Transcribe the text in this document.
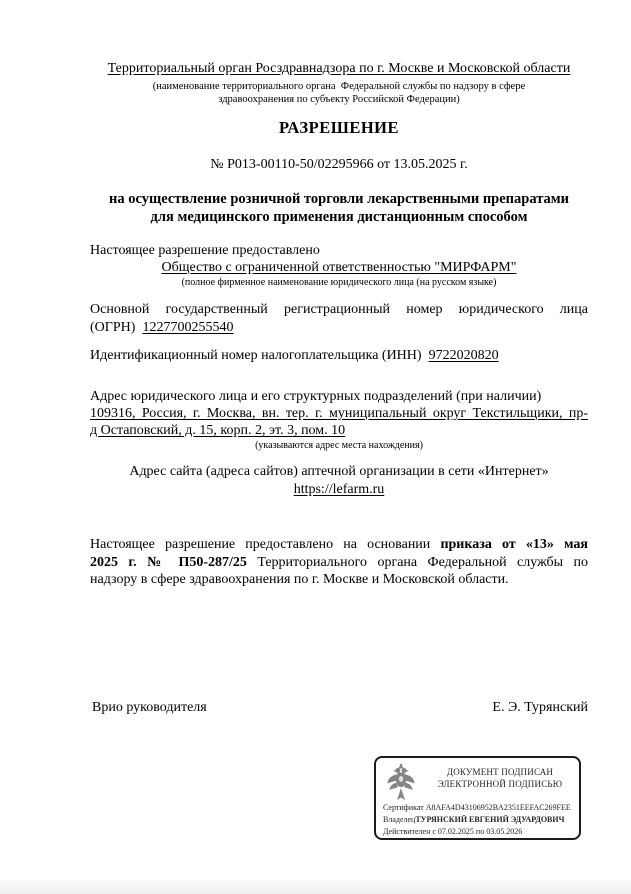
Территориальный орган Росздравнадзора по г. Москве и Московской области
(наименование территориального органа  Федеральной службы по надзору в сфере
здравоохранения по субъекту Российской Федерации)
РАЗРЕШЕНИЕ
№ Р013-00110-50/02295966 от 13.05.2025 г.
на осуществление розничной торговли лекарственными препаратами
для медицинского применения дистанционным способом
Настоящее разрешение предоставлено
Общество с ограниченной ответственностью "МИРФАРМ"
(полное фирменное наименование юридического лица (на русском языке)
Основной государственный регистрационный номер юридического лица
(ОГРН) 1227700255540
Идентификационный номер налогоплательщика (ИНН) 9722020820
Адрес юридического лица и его структурных подразделений (при наличии)
109316, Россия, г. Москва, вн. тер. г. муниципальный округ Текстильщики, пр-
д Остаповский, д. 15, корп. 2, эт. 3, пом. 10
(указываются адрес места нахождения)
Адрес сайта (адреса сайтов) аптечной организации в сети «Интернет»
https://lefarm.ru
Настоящее разрешение предоставлено на основании приказа от «13» мая
2025 г. № П50-287/25 Территориального органа Федеральной службы по
надзору в сфере здравоохранения по г. Москве и Московской области.
Врио руководителя	Е. Э. Турянский
ДОКУМЕНТ ПОДПИСАН
ЭЛЕКТРОННОЙ ПОДПИСЬЮ
Сертификат A8AFA4D43106952BA2351EEFAC269FEE
ВладелецТУРЯНСКИЙ ЕВГЕНИЙ ЭДУАРДОВИЧ
Действителен с 07.02.2025 по 03.05.2026
